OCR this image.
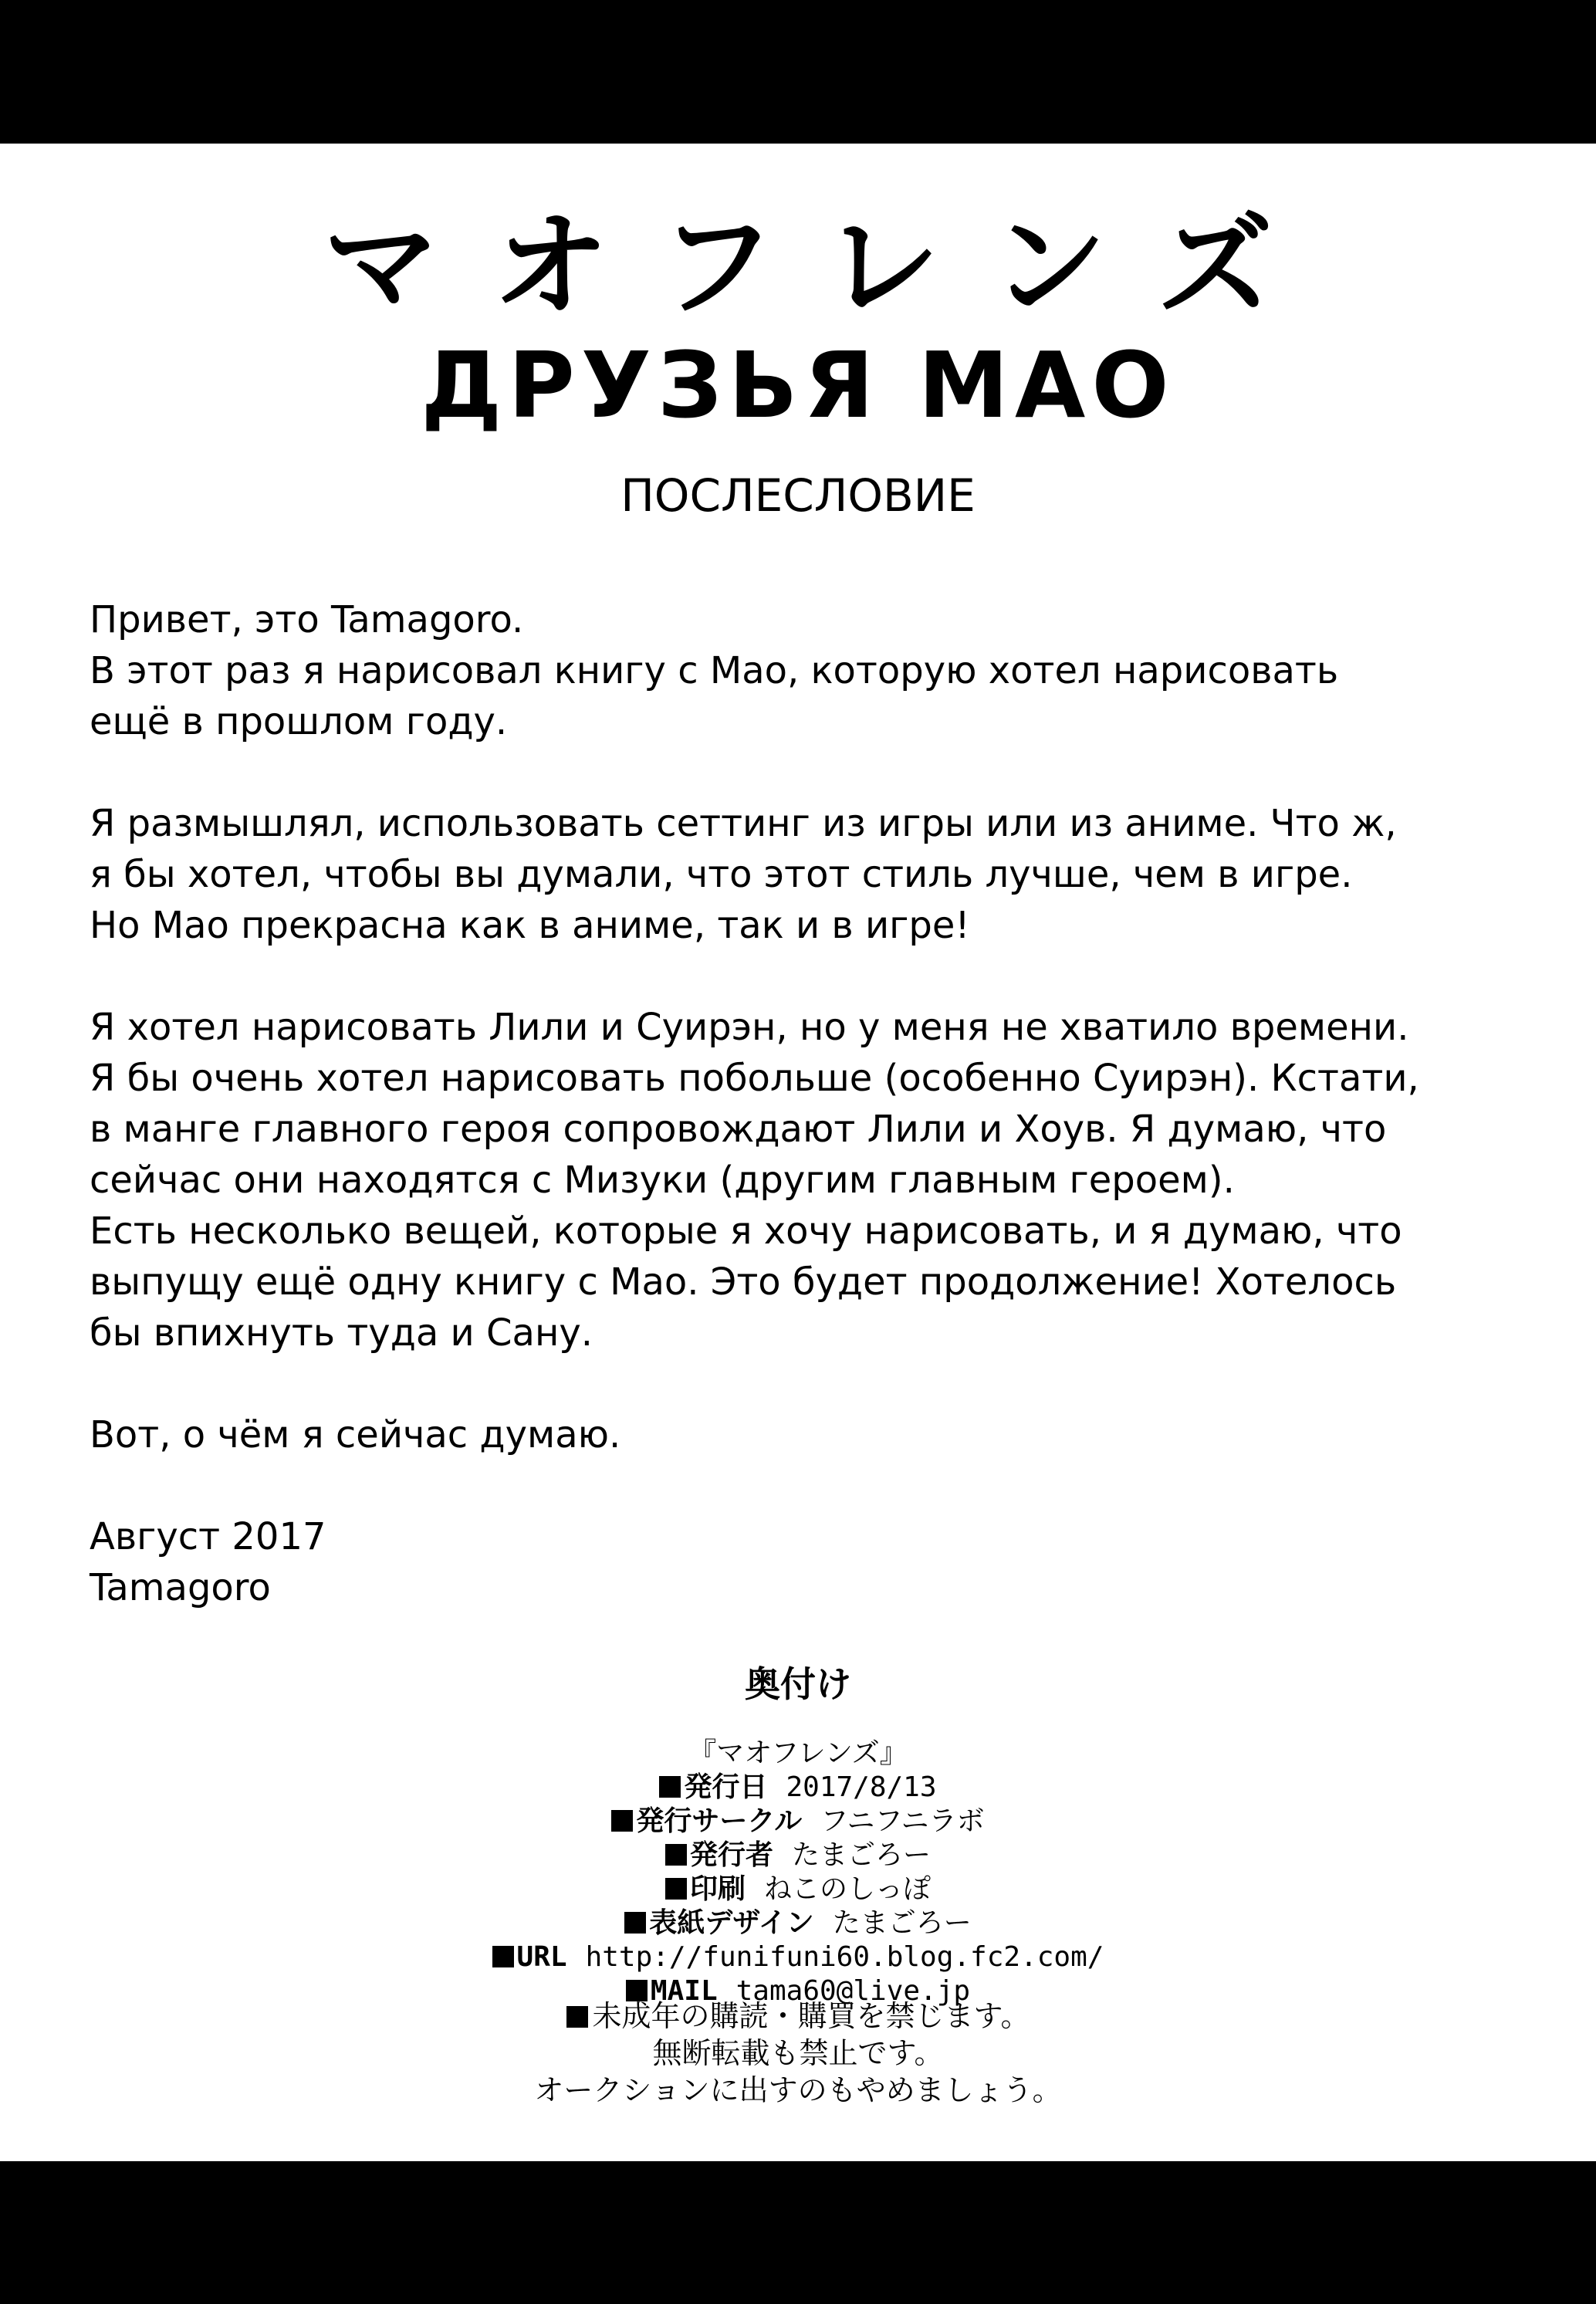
マオフレンズ
ДРУЗЬЯ МАО
ПОСЛЕСЛОВИЕ

Привет, это Tamagoro.
В этот раз я нарисовал книгу с Мао, которую хотел нарисовать
ещё в прошлом году.

Я размышлял, использовать сеттинг из игры или из аниме. Что ж,
я бы хотел, чтобы вы думали, что этот стиль лучше, чем в игре.
Но Мао прекрасна как в аниме, так и в игре!

Я хотел нарисовать Лили и Суирэн, но у меня не хватило времени.
Я бы очень хотел нарисовать побольше (особенно Суирэн). Кстати,
в манге главного героя сопровождают Лили и Хоув. Я думаю, что
сейчас они находятся с Мизуки (другим главным героем).
Есть несколько вещей, которые я хочу нарисовать, и я думаю, что
выпущу ещё одну книгу с Мао. Это будет продолжение! Хотелось
бы впихнуть туда и Сану.

Вот, о чём я сейчас думаю.

Август 2017
Tamagoro

奥付け
『マオフレンズ』
発行日 2017/8/13
発行サークル フニフニラボ
発行者 たまごろー
印刷 ねこのしっぽ
表紙デザイン たまごろー
URL http://funifuni60.blog.fc2.com/
MAIL tama60@live.jp
未成年の購読・購買を禁じます。
無断転載も禁止です。
オークションに出すのもやめましょう。
